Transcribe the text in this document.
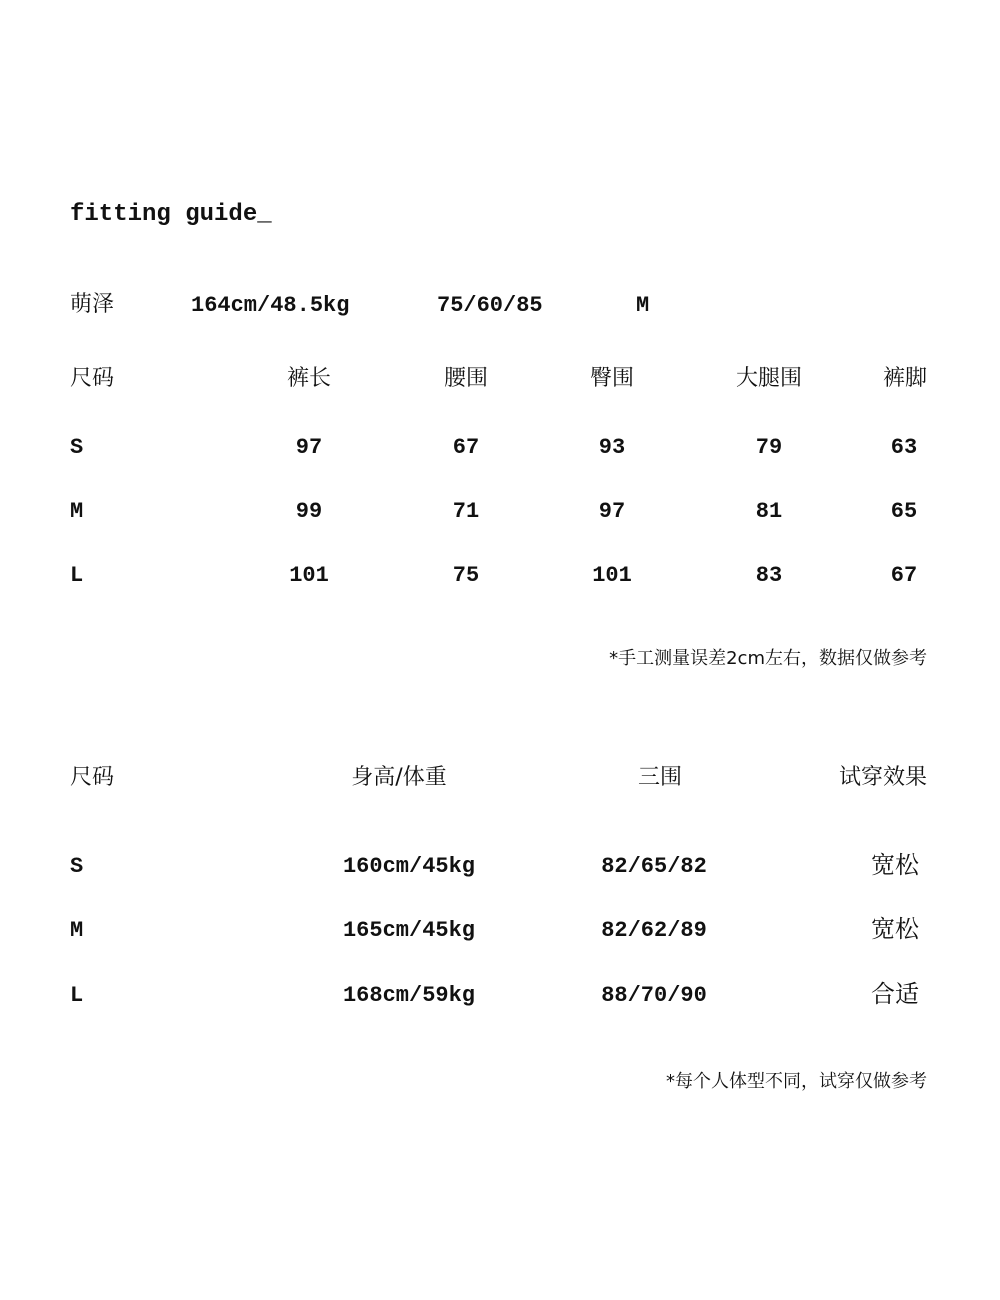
fitting guide_
萌泽	164cm/48.5kg	75/60/85	M
尺码	裤长	腰围	臀围	大腿围	裤脚
S	97	67	93	79	63
M	99	71	97	81	65
L	101	75	101	83	67
*手工测量误差2cm左右，数据仅做参考
尺码	身高/体重	三围	试穿效果
S	160cm/45kg	82/65/82	宽松
M	165cm/45kg	82/62/89	宽松
L	168cm/59kg	88/70/90	合适
*每个人体型不同，试穿仅做参考
